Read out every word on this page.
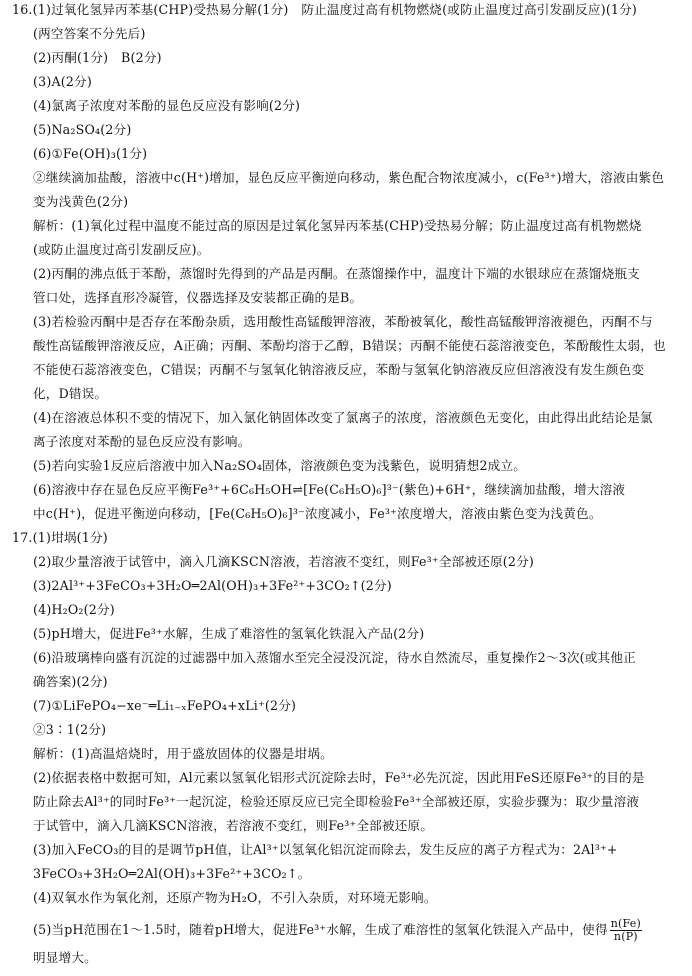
16.(1)过氧化氢异丙苯基(CHP)受热易分解(1分)　防止温度过高有机物燃烧(或防止温度过高引发副反应)(1分)
(两空答案不分先后)
(2)丙酮(1分)　B(2分)
(3)A(2分)
(4)氯离子浓度对苯酚的显色反应没有影响(2分)
(5)Na₂SO₄(2分)
(6)①Fe(OH)₃(1分)
②继续滴加盐酸，溶液中c(H⁺)增加，显色反应平衡逆向移动，紫色配合物浓度减小，c(Fe³⁺)增大，溶液由紫色
变为浅黄色(2分)
解析：(1)氧化过程中温度不能过高的原因是过氧化氢异丙苯基(CHP)受热易分解；防止温度过高有机物燃烧
(或防止温度过高引发副反应)。
(2)丙酮的沸点低于苯酚，蒸馏时先得到的产品是丙酮。在蒸馏操作中，温度计下端的水银球应在蒸馏烧瓶支
管口处，选择直形冷凝管，仪器选择及安装都正确的是B。
(3)若检验丙酮中是否存在苯酚杂质，选用酸性高锰酸钾溶液，苯酚被氧化，酸性高锰酸钾溶液褪色，丙酮不与
酸性高锰酸钾溶液反应，A正确；丙酮、苯酚均溶于乙醇，B错误；丙酮不能使石蕊溶液变色，苯酚酸性太弱，也
不能使石蕊溶液变色，C错误；丙酮不与氢氧化钠溶液反应，苯酚与氢氧化钠溶液反应但溶液没有发生颜色变
化，D错误。
(4)在溶液总体积不变的情况下，加入氯化钠固体改变了氯离子的浓度，溶液颜色无变化，由此得出此结论是氯
离子浓度对苯酚的显色反应没有影响。
(5)若向实验1反应后溶液中加入Na₂SO₄固体，溶液颜色变为浅紫色，说明猜想2成立。
(6)溶液中存在显色反应平衡Fe³⁺+6C₆H₅OH⇌[Fe(C₆H₅O)₆]³⁻(紫色)+6H⁺，继续滴加盐酸，增大溶液
中c(H⁺)，促进平衡逆向移动，[Fe(C₆H₅O)₆]³⁻浓度减小，Fe³⁺浓度增大，溶液由紫色变为浅黄色。
17.(1)坩埚(1分)
(2)取少量溶液于试管中，滴入几滴KSCN溶液，若溶液不变红，则Fe³⁺全部被还原(2分)
(3)2Al³⁺+3FeCO₃+3H₂O═2Al(OH)₃+3Fe²⁺+3CO₂↑(2分)
(4)H₂O₂(2分)
(5)pH增大，促进Fe³⁺水解，生成了难溶性的氢氧化铁混入产品(2分)
(6)沿玻璃棒向盛有沉淀的过滤器中加入蒸馏水至完全浸没沉淀，待水自然流尽，重复操作2～3次(或其他正
确答案)(2分)
(7)①LiFePO₄−xe⁻═Li₁₋ₓFePO₄+xLi⁺(2分)
②3∶1(2分)
解析：(1)高温焙烧时，用于盛放固体的仪器是坩埚。
(2)依据表格中数据可知，Al元素以氢氧化铝形式沉淀除去时，Fe³⁺必先沉淀，因此用FeS还原Fe³⁺的目的是
防止除去Al³⁺的同时Fe³⁺一起沉淀，检验还原反应已完全即检验Fe³⁺全部被还原，实验步骤为：取少量溶液
于试管中，滴入几滴KSCN溶液，若溶液不变红，则Fe³⁺全部被还原。
(3)加入FeCO₃的目的是调节pH值，让Al³⁺以氢氧化铝沉淀而除去，发生反应的离子方程式为：2Al³⁺+
3FeCO₃+3H₂O═2Al(OH)₃+3Fe²⁺+3CO₂↑。
(4)双氧水作为氧化剂，还原产物为H₂O，不引入杂质，对环境无影响。
(5)当pH范围在1～1.5时，随着pH增大，促进Fe³⁺水解，生成了难溶性的氢氧化铁混入产品中，使得 $\frac{n(Fe)}{n(P)}$
明显增大。
